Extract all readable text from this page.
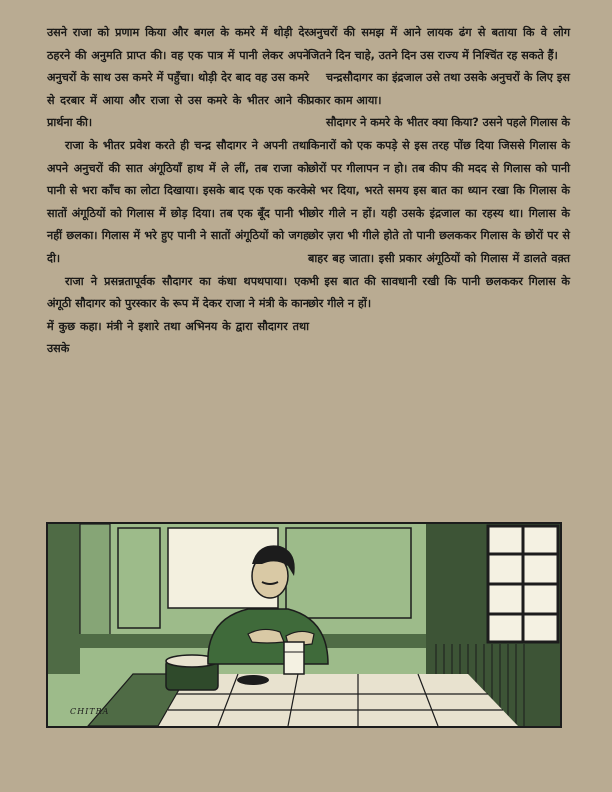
उसने राजा को प्रणाम किया और बगल के कमरे में थोड़ी देर ठहरने की अनुमति प्राप्त की। वह एक पात्र में पानी लेकर अपने अनुचरों के साथ उस कमरे में पहुँचा। थोड़ी देर बाद वह उस कमरे से दरबार में आया और राजा से उस कमरे के भीतर आने की प्रार्थना की।

राजा के भीतर प्रवेश करते ही चन्द्र सौदागर ने अपनी तथा अपने अनुचरों की सात अंगूठियाँ हाथ में ले लीं, तब राजा को पानी से भरा काँच का लोटा दिखाया। इसके बाद एक एक करके सातों अंगूठियों को गिलास में छोड़ दिया। तब एक बूँद पानी भी नहीं छलका। गिलास में भरे हुए पानी ने सातों अंगूठियों को जगह दी।

राजा ने प्रसन्नतापूर्वक सौदागर का कंधा थपथपाया। एक अंगूठी सौदागर को पुरस्कार के रूप में देकर राजा ने मंत्री के कान में कुछ कहा। मंत्री ने इशारे तथा अभिनय के द्वारा सौदागर तथा उसके

अनुचरों की समझ में आने लायक ढंग से बताया कि वे लोग जितने दिन चाहे, उतने दिन उस राज्य में निश्चिंत रह सकते हैं।

चन्द्रसौदागर का इंद्रजाल उसे तथा उसके अनुचरों के लिए इस प्रकार काम आया।

सौदागर ने कमरे के भीतर क्या किया? उसने पहले गिलास के किनारों को एक कपड़े से इस तरह पोंछ दिया जिससे गिलास के छोरों पर गीलापन न हो। तब कीप की मदद से गिलास को पानी से भर दिया, भरते समय इस बात का ध्यान रखा कि गिलास के छोर गीले न हों। यही उसके इंद्रजाल का रहस्य था। गिलास के छोर ज़रा भी गीले होते तो पानी छलककर गिलास के छोरों पर से बाहर बह जाता। इसी प्रकार अंगूठियों को गिलास में डालते वक़्त भी इस बात की सावधानी रखी कि पानी छलककर गिलास के छोर गीले न हों।

CHITRA
